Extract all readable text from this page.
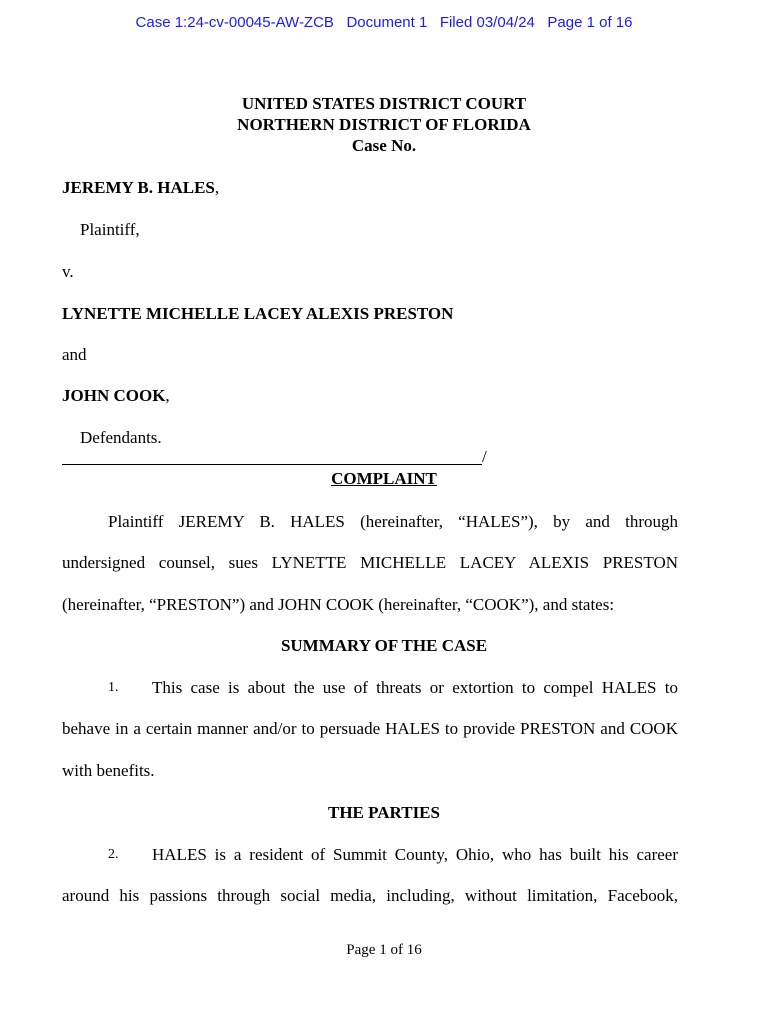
Case 1:24-cv-00045-AW-ZCB   Document 1   Filed 03/04/24   Page 1 of 16
UNITED STATES DISTRICT COURT
NORTHERN DISTRICT OF FLORIDA
Case No.
JEREMY B. HALES,
Plaintiff,
v.
LYNETTE MICHELLE LACEY ALEXIS PRESTON
and
JOHN COOK,
Defendants.
/
COMPLAINT
Plaintiff JEREMY B. HALES (hereinafter, “HALES”), by and through
undersigned counsel, sues LYNETTE MICHELLE LACEY ALEXIS PRESTON
(hereinafter, “PRESTON”) and JOHN COOK (hereinafter, “COOK”), and states:
SUMMARY OF THE CASE
1. This case is about the use of threats or extortion to compel HALES to
behave in a certain manner and/or to persuade HALES to provide PRESTON and COOK
with benefits.
THE PARTIES
2. HALES is a resident of Summit County, Ohio, who has built his career
around his passions through social media, including, without limitation, Facebook,
Page 1 of 16
